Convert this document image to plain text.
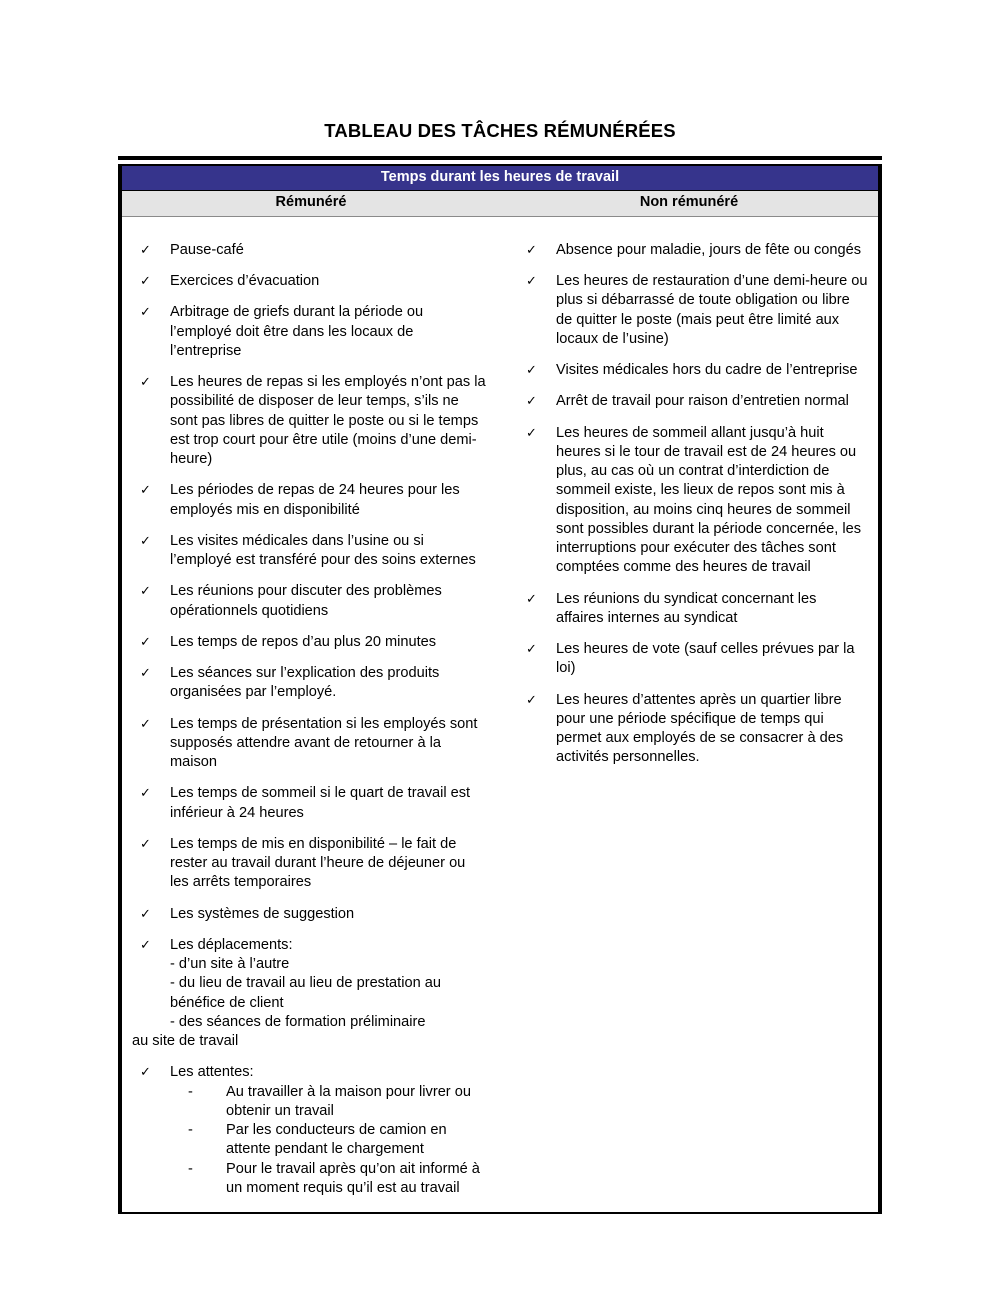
TABLEAU DES TÂCHES RÉMUNÉRÉES
Temps durant les heures de travail
Rémunéré	Non rémunéré
✓ Pause-café
✓ Exercices d’évacuation
✓ Arbitrage de griefs durant la période ou l’employé doit être dans les locaux de l’entreprise
✓ Les heures de repas si les employés n’ont pas la possibilité de disposer de leur temps, s’ils ne sont pas libres de quitter le poste ou si le temps est trop court pour être utile (moins d’une demi-heure)
✓ Les périodes de repas de 24 heures pour les employés mis en disponibilité
✓ Les visites médicales dans l’usine ou si l’employé est transféré pour des soins externes
✓ Les réunions pour discuter des problèmes opérationnels quotidiens
✓ Les temps de repos d’au plus 20 minutes
✓ Les séances sur l’explication des produits organisées par l’employé.
✓ Les temps de présentation si les employés sont supposés attendre avant de retourner à la maison
✓ Les temps de sommeil si le quart de travail est inférieur à 24 heures
✓ Les temps de mis en disponibilité – le fait de rester au travail durant l’heure de déjeuner ou les arrêts temporaires
✓ Les systèmes de suggestion
✓ Les déplacements:
- d’un site à l’autre
- du lieu de travail au lieu de prestation au bénéfice de client
- des séances de formation préliminaire
au site de travail
✓ Les attentes:
- Au travailler à la maison pour livrer ou obtenir un travail
- Par les conducteurs de camion en attente pendant le chargement
- Pour le travail après qu’on ait informé à un moment requis qu’il est au travail
✓ Absence pour maladie, jours de fête ou congés
✓ Les heures de restauration d’une demi-heure ou plus si débarrassé de toute obligation ou libre de quitter le poste (mais peut être limité aux locaux de l’usine)
✓ Visites médicales hors du cadre de l’entreprise
✓ Arrêt de travail pour raison d’entretien normal
✓ Les heures de sommeil allant jusqu’à huit heures si le tour de travail est de 24 heures ou plus, au cas où un contrat d’interdiction de sommeil existe, les lieux de repos sont mis à disposition, au moins cinq heures de sommeil sont possibles durant la période concernée, les interruptions pour exécuter des tâches sont comptées comme des heures de travail
✓ Les réunions du syndicat concernant les affaires internes au syndicat
✓ Les heures de vote (sauf celles prévues par la loi)
✓ Les heures d’attentes après un quartier libre pour une période spécifique de temps qui permet aux employés de se consacrer à des activités personnelles.
